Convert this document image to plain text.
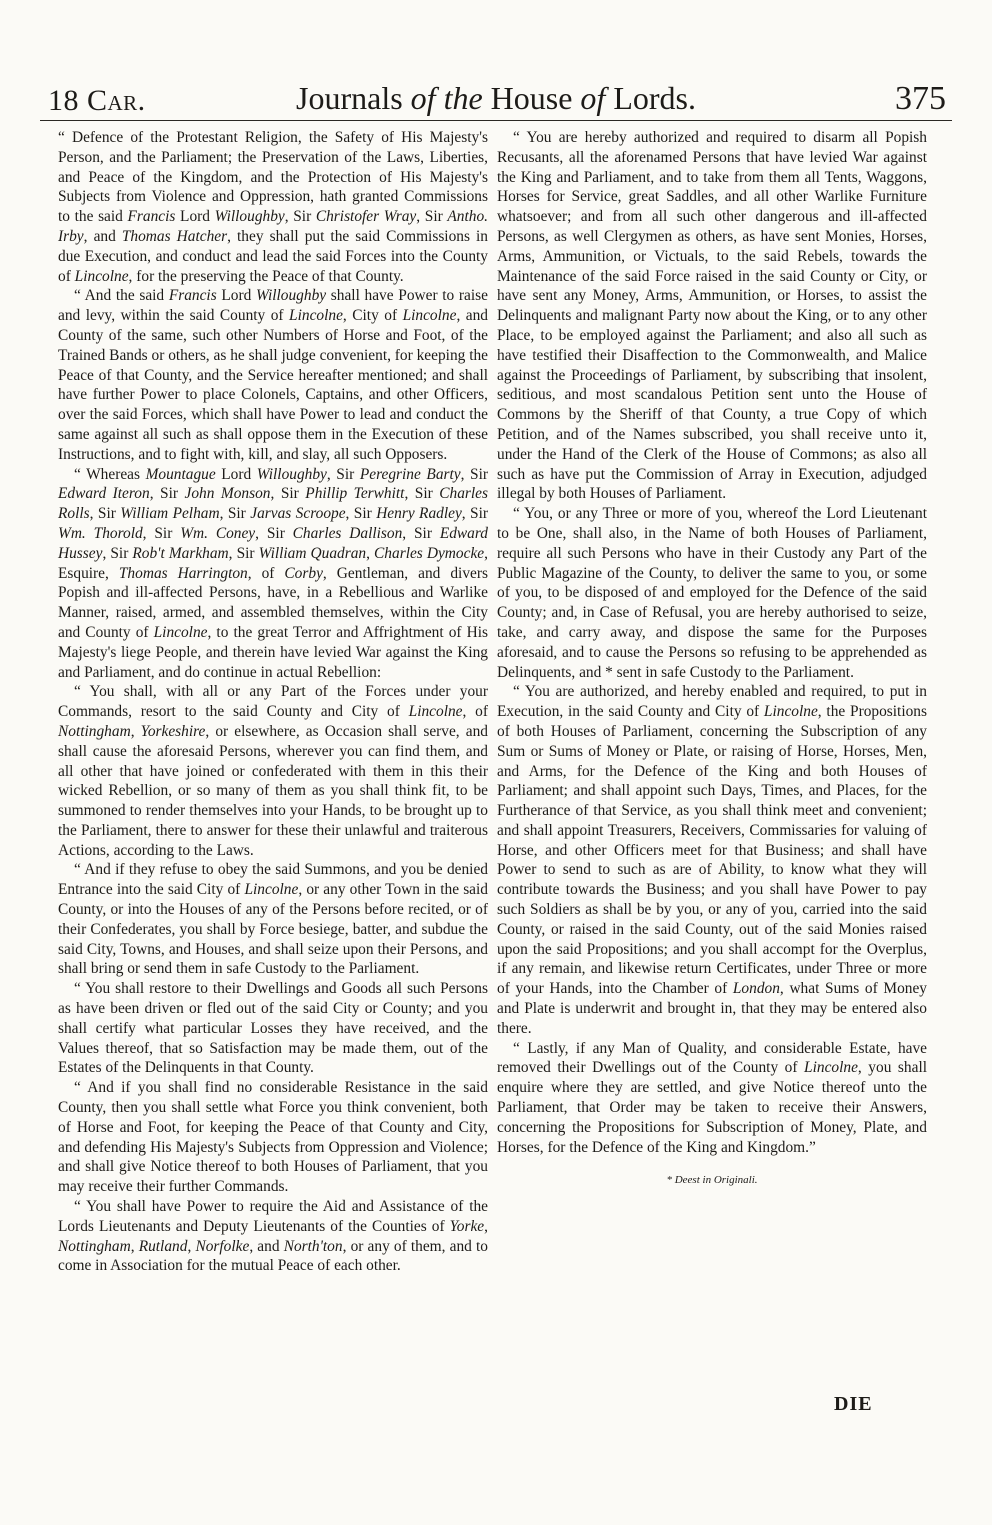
18 Car.	Journals of the House of Lords.	375

“ Defence of the Protestant Religion, the Safety of His Majesty's Person, and the Parliament; the Preservation of the Laws, Liberties, and Peace of the Kingdom, and the Protection of His Majesty's Subjects from Violence and Oppression, hath granted Commissions to the said Francis Lord Willoughby, Sir Christofer Wray, Sir Antho. Irby, and Thomas Hatcher, they shall put the said Commissions in due Execution, and conduct and lead the said Forces into the County of Lincolne, for the preserving the Peace of that County.

“ And the said Francis Lord Willoughby shall have Power to raise and levy, within the said County of Lincolne, City of Lincolne, and County of the same, such other Numbers of Horse and Foot, of the Trained Bands or others, as he shall judge convenient, for keeping the Peace of that County, and the Service hereafter mentioned; and shall have further Power to place Colonels, Captains, and other Officers, over the said Forces, which shall have Power to lead and conduct the same against all such as shall oppose them in the Execution of these Instructions, and to fight with, kill, and slay, all such Opposers.

“ Whereas Mountague Lord Willoughby, Sir Peregrine Barty, Sir Edward Iteron, Sir John Monson, Sir Phillip Terwhitt, Sir Charles Rolls, Sir William Pelham, Sir Jarvas Scroope, Sir Henry Radley, Sir Wm. Thorold, Sir Wm. Coney, Sir Charles Dallison, Sir Edward Hussey, Sir Rob't Markham, Sir William Quadran, Charles Dymocke, Esquire, Thomas Harrington, of Corby, Gentleman, and divers Popish and ill-affected Persons, have, in a Rebellious and Warlike Manner, raised, armed, and assembled themselves, within the City and County of Lincolne, to the great Terror and Affrightment of His Majesty's liege People, and therein have levied War against the King and Parliament, and do continue in actual Rebellion:

“ You shall, with all or any Part of the Forces under your Commands, resort to the said County and City of Lincolne, of Nottingham, Yorkeshire, or elsewhere, as Occasion shall serve, and shall cause the aforesaid Persons, wherever you can find them, and all other that have joined or confederated with them in this their wicked Rebellion, or so many of them as you shall think fit, to be summoned to render themselves into your Hands, to be brought up to the Parliament, there to answer for these their unlawful and traiterous Actions, according to the Laws.

“ And if they refuse to obey the said Summons, and you be denied Entrance into the said City of Lincolne, or any other Town in the said County, or into the Houses of any of the Persons before recited, or of their Confederates, you shall by Force besiege, batter, and subdue the said City, Towns, and Houses, and shall seize upon their Persons, and shall bring or send them in safe Custody to the Parliament.

“ You shall restore to their Dwellings and Goods all such Persons as have been driven or fled out of the said City or County; and you shall certify what particular Losses they have received, and the Values thereof, that so Satisfaction may be made them, out of the Estates of the Delinquents in that County.

“ And if you shall find no considerable Resistance in the said County, then you shall settle what Force you think convenient, both of Horse and Foot, for keeping the Peace of that County and City, and defending His Majesty's Subjects from Oppression and Violence; and shall give Notice thereof to both Houses of Parliament, that you may receive their further Commands.

“ You shall have Power to require the Aid and Assistance of the Lords Lieutenants and Deputy Lieutenants of the Counties of Yorke, Nottingham, Rutland, Norfolke, and North'ton, or any of them, and to come in Association for the mutual Peace of each other.

“ You are hereby authorized and required to disarm all Popish Recusants, all the aforenamed Persons that have levied War against the King and Parliament, and to take from them all Tents, Waggons, Horses for Service, great Saddles, and all other Warlike Furniture whatsoever; and from all such other dangerous and ill-affected Persons, as well Clergymen as others, as have sent Monies, Horses, Arms, Ammunition, or Victuals, to the said Rebels, towards the Maintenance of the said Force raised in the said County or City, or have sent any Money, Arms, Ammunition, or Horses, to assist the Delinquents and malignant Party now about the King, or to any other Place, to be employed against the Parliament; and also all such as have testified their Disaffection to the Commonwealth, and Malice against the Proceedings of Parliament, by subscribing that insolent, seditious, and most scandalous Petition sent unto the House of Commons by the Sheriff of that County, a true Copy of which Petition, and of the Names subscribed, you shall receive unto it, under the Hand of the Clerk of the House of Commons; as also all such as have put the Commission of Array in Execution, adjudged illegal by both Houses of Parliament.

“ You, or any Three or more of you, whereof the Lord Lieutenant to be One, shall also, in the Name of both Houses of Parliament, require all such Persons who have in their Custody any Part of the Public Magazine of the County, to deliver the same to you, or some of you, to be disposed of and employed for the Defence of the said County; and, in Case of Refusal, you are hereby authorised to seize, take, and carry away, and dispose the same for the Purposes aforesaid, and to cause the Persons so refusing to be apprehended as Delinquents, and * sent in safe Custody to the Parliament.

“ You are authorized, and hereby enabled and required, to put in Execution, in the said County and City of Lincolne, the Propositions of both Houses of Parliament, concerning the Subscription of any Sum or Sums of Money or Plate, or raising of Horse, Horses, Men, and Arms, for the Defence of the King and both Houses of Parliament; and shall appoint such Days, Times, and Places, for the Furtherance of that Service, as you shall think meet and convenient; and shall appoint Treasurers, Receivers, Commissaries for valuing of Horse, and other Officers meet for that Business; and shall have Power to send to such as are of Ability, to know what they will contribute towards the Business; and you shall have Power to pay such Soldiers as shall be by you, or any of you, carried into the said County, or raised in the said County, out of the said Monies raised upon the said Propositions; and you shall accompt for the Overplus, if any remain, and likewise return Certificates, under Three or more of your Hands, into the Chamber of London, what Sums of Money and Plate is underwrit and brought in, that they may be entered also there.

“ Lastly, if any Man of Quality, and considerable Estate, have removed their Dwellings out of the County of Lincolne, you shall enquire where they are settled, and give Notice thereof unto the Parliament, that Order may be taken to receive their Answers, concerning the Propositions for Subscription of Money, Plate, and Horses, for the Defence of the King and Kingdom.”

* Deest in Originali.
DIE
